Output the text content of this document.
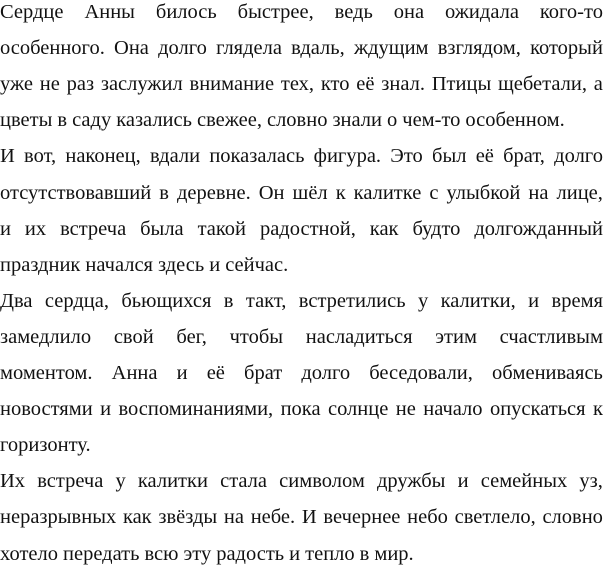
Сердце Анны билось быстрее, ведь она ожидала кого-то
особенного. Она долго глядела вдаль, ждущим взглядом, который
уже не раз заслужил внимание тех, кто её знал. Птицы щебетали, а
цветы в саду казались свежее, словно знали о чем-то особенном.
И вот, наконец, вдали показалась фигура. Это был её брат, долго
отсутствовавший в деревне. Он шёл к калитке с улыбкой на лице,
и их встреча была такой радостной, как будто долгожданный
праздник начался здесь и сейчас.
Два сердца, бьющихся в такт, встретились у калитки, и время
замедлило свой бег, чтобы насладиться этим счастливым
моментом. Анна и её брат долго беседовали, обмениваясь
новостями и воспоминаниями, пока солнце не начало опускаться к
горизонту.
Их встреча у калитки стала символом дружбы и семейных уз,
неразрывных как звёзды на небе. И вечернее небо светлело, словно
хотело передать всю эту радость и тепло в мир.
